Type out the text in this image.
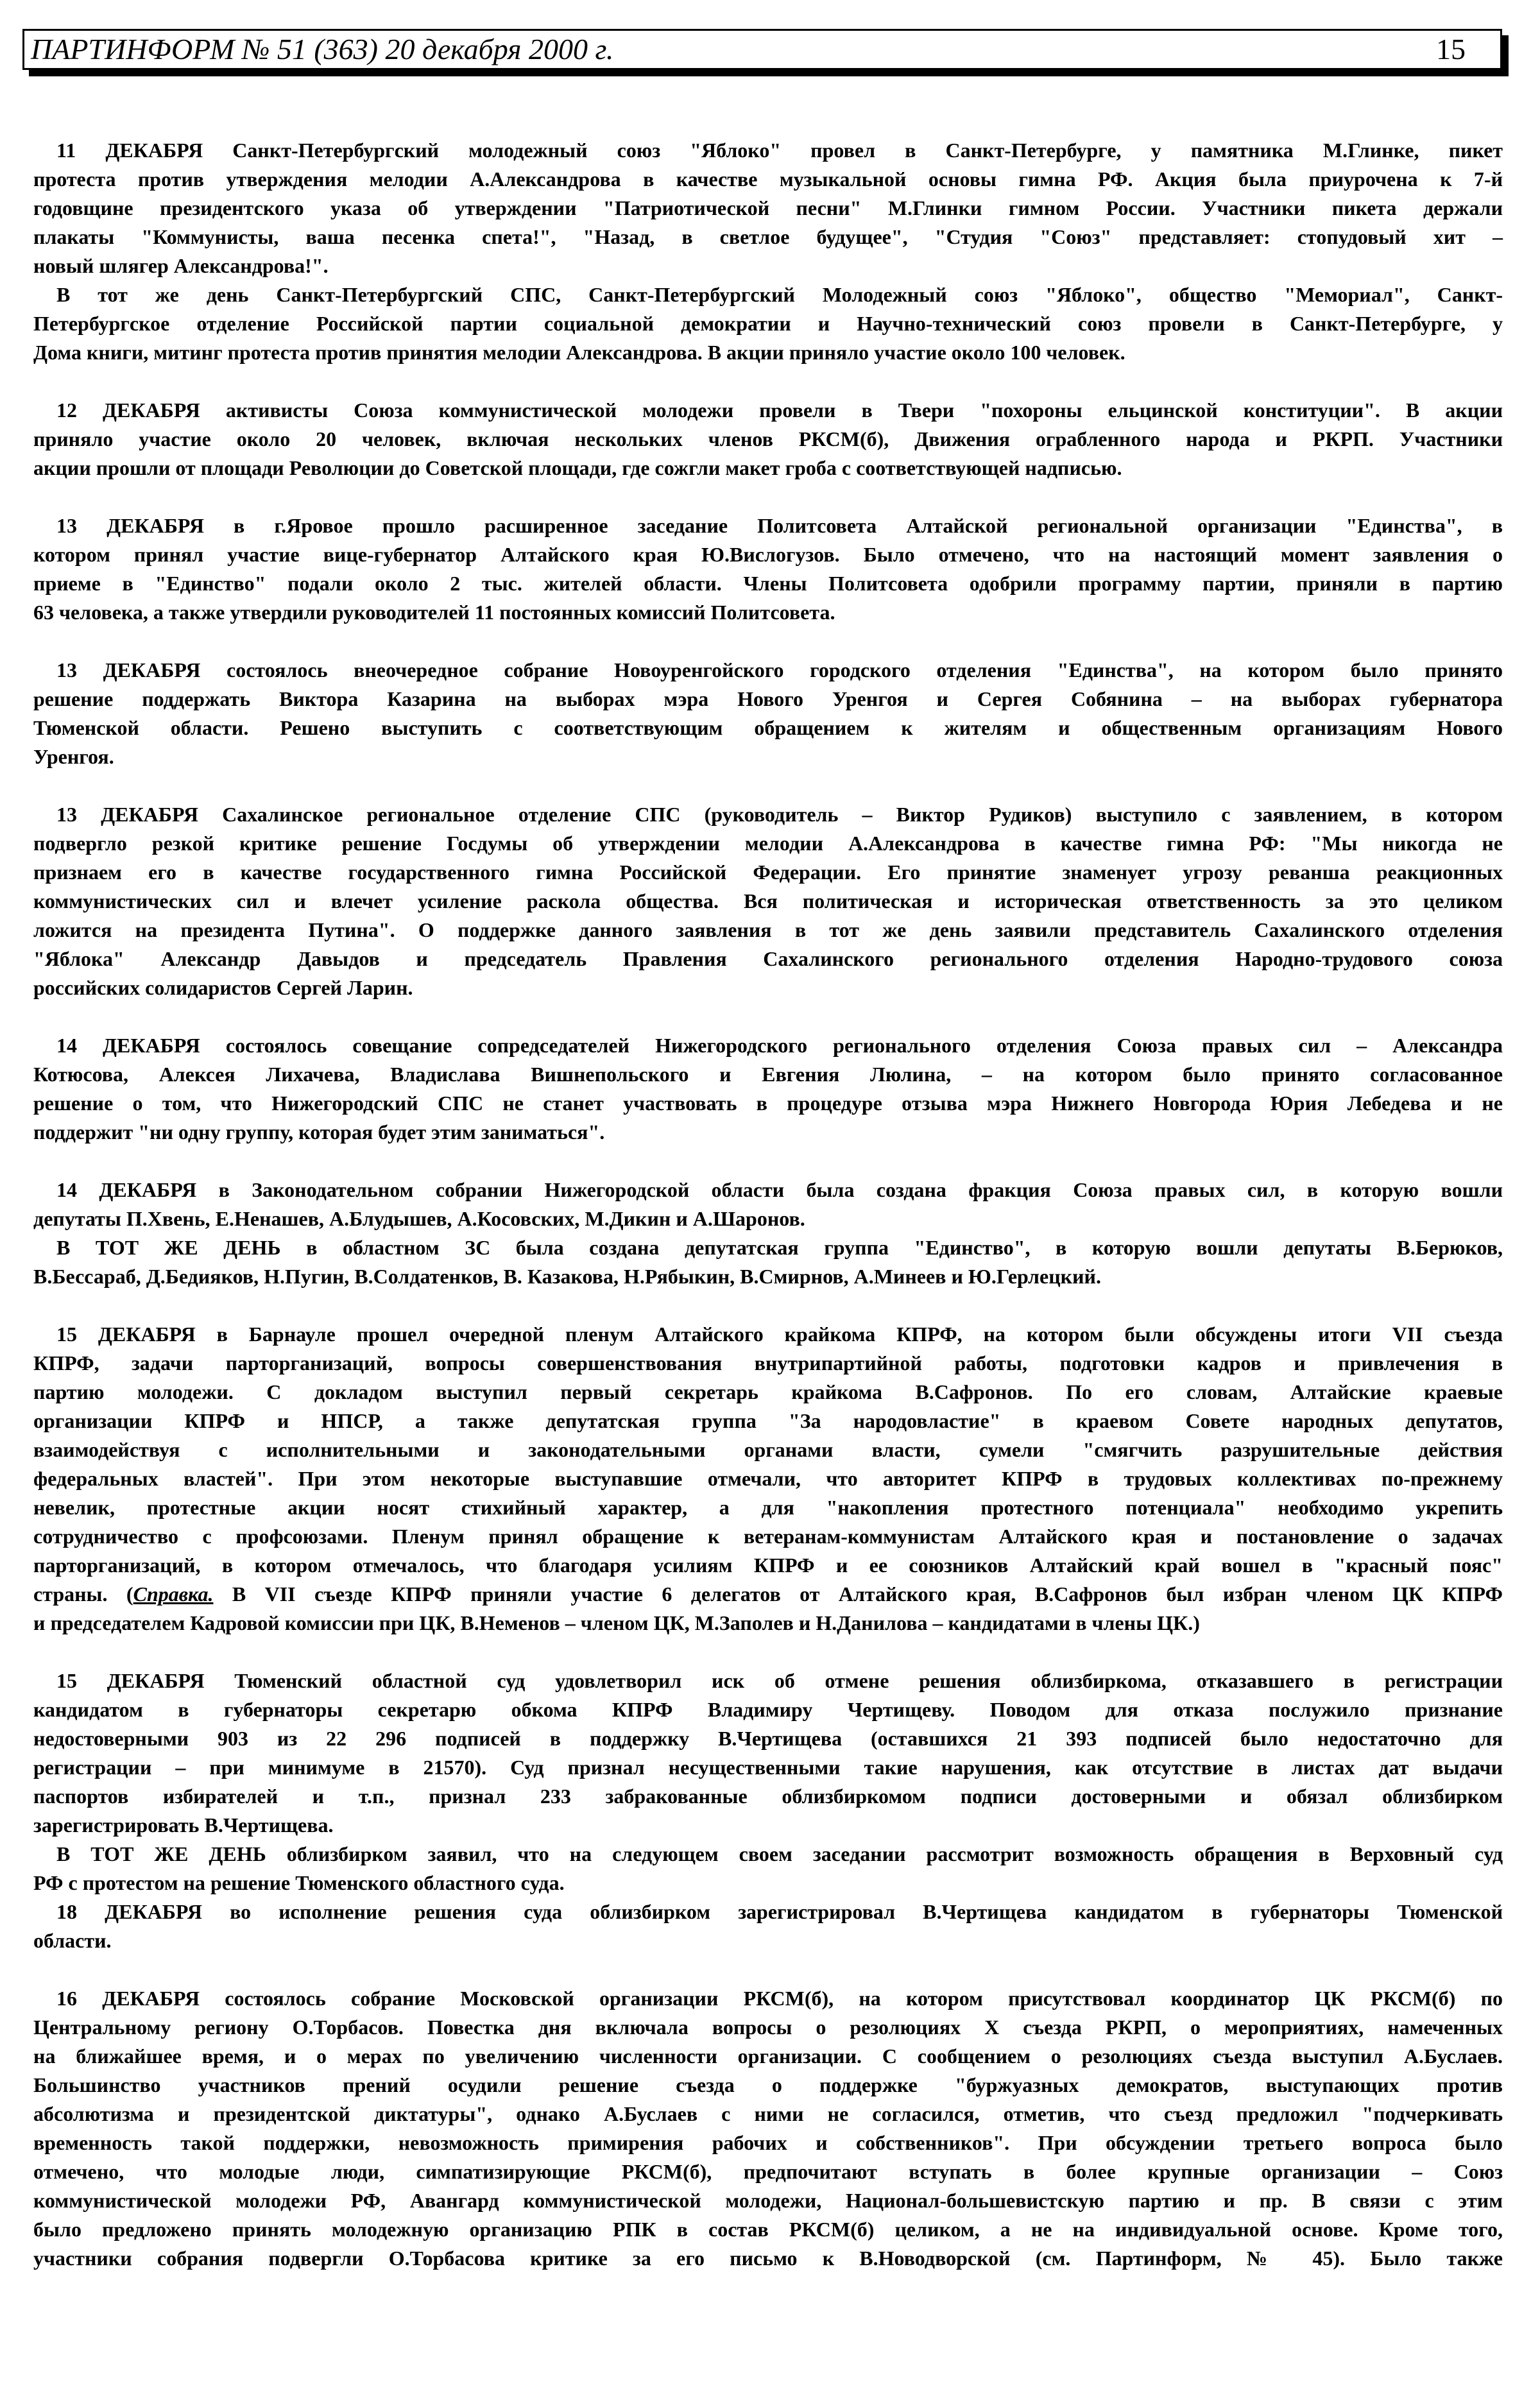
ПАРТИНФОРМ № 51 (363) 20 декабря 2000 г.	15
11 ДЕКАБРЯ Санкт-Петербургский молодежный союз "Яблоко" провел в Санкт-Петербурге, у памятника М.Глинке, пикет
протеста против утверждения мелодии А.Александрова в качестве музыкальной основы гимна РФ. Акция была приурочена к 7-й
годовщине президентского указа об утверждении "Патриотической песни" М.Глинки гимном России. Участники пикета держали
плакаты "Коммунисты, ваша песенка спета!", "Назад, в светлое будущее", "Студия "Союз" представляет: стопудовый хит –
новый шлягер Александрова!".
В тот же день Санкт-Петербургский СПС, Санкт-Петербургский Молодежный союз "Яблоко", общество "Мемориал", Санкт-
Петербургское отделение Российской партии социальной демократии и Научно-технический союз провели в Санкт-Петербурге, у
Дома книги, митинг протеста против принятия мелодии Александрова. В акции приняло участие около 100 человек.
12 ДЕКАБРЯ активисты Союза коммунистической молодежи провели в Твери "похороны ельцинской конституции". В акции
приняло участие около 20 человек, включая нескольких членов РКСМ(б), Движения ограбленного народа и РКРП. Участники
акции прошли от площади Революции до Советской площади, где сожгли макет гроба с соответствующей надписью.
13 ДЕКАБРЯ в г.Яровое прошло расширенное заседание Политсовета Алтайской региональной организации "Единства", в
котором принял участие вице-губернатор Алтайского края Ю.Вислогузов. Было отмечено, что на настоящий момент заявления о
приеме в "Единство" подали около 2 тыс. жителей области. Члены Политсовета одобрили программу партии, приняли в партию
63 человека, а также утвердили руководителей 11 постоянных комиссий Политсовета.
13 ДЕКАБРЯ состоялось внеочередное собрание Новоуренгойского городского отделения "Единства", на котором было принято
решение поддержать Виктора Казарина на выборах мэра Нового Уренгоя и Сергея Собянина – на выборах губернатора
Тюменской области. Решено выступить с соответствующим обращением к жителям и общественным организациям Нового
Уренгоя.
13 ДЕКАБРЯ Сахалинское региональное отделение СПС (руководитель – Виктор Рудиков) выступило с заявлением, в котором
подвергло резкой критике решение Госдумы об утверждении мелодии А.Александрова в качестве гимна РФ: "Мы никогда не
признаем его в качестве государственного гимна Российской Федерации. Его принятие знаменует угрозу реванша реакционных
коммунистических сил и влечет усиление раскола общества. Вся политическая и историческая ответственность за это целиком
ложится на президента Путина". О поддержке данного заявления в тот же день заявили представитель Сахалинского отделения
"Яблока" Александр Давыдов и председатель Правления Сахалинского регионального отделения Народно-трудового союза
российских солидаристов Сергей Ларин.
14 ДЕКАБРЯ состоялось совещание сопредседателей Нижегородского регионального отделения Союза правых сил – Александра
Котюсова, Алексея Лихачева, Владислава Вишнепольского и Евгения Люлина, – на котором было принято согласованное
решение о том, что Нижегородский СПС не станет участвовать в процедуре отзыва мэра Нижнего Новгорода Юрия Лебедева и не
поддержит "ни одну группу, которая будет этим заниматься".
14 ДЕКАБРЯ в Законодательном собрании Нижегородской области была создана фракция Союза правых сил, в которую вошли
депутаты П.Хвень, Е.Ненашев, А.Блудышев, А.Косовских, М.Дикин и А.Шаронов.
В ТОТ ЖЕ ДЕНЬ в областном ЗС была создана депутатская группа "Единство", в которую вошли депутаты В.Берюков,
В.Бессараб, Д.Бедияков, Н.Пугин, В.Солдатенков, В. Казакова, Н.Рябыкин, В.Смирнов, А.Минеев и Ю.Герлецкий.
15 ДЕКАБРЯ в Барнауле прошел очередной пленум Алтайского крайкома КПРФ, на котором были обсуждены итоги VII съезда
КПРФ, задачи парторганизаций, вопросы совершенствования внутрипартийной работы, подготовки кадров и привлечения в
партию молодежи. С докладом выступил первый секретарь крайкома В.Сафронов. По его словам, Алтайские краевые
организации КПРФ и НПСР, а также депутатская группа "За народовластие" в краевом Совете народных депутатов,
взаимодействуя с исполнительными и законодательными органами власти, сумели "смягчить разрушительные действия
федеральных властей". При этом некоторые выступавшие отмечали, что авторитет КПРФ в трудовых коллективах по-прежнему
невелик, протестные акции носят стихийный характер, а для "накопления протестного потенциала" необходимо укрепить
сотрудничество с профсоюзами. Пленум принял обращение к ветеранам-коммунистам Алтайского края и постановление о задачах
парторганизаций, в котором отмечалось, что благодаря усилиям КПРФ и ее союзников Алтайский край вошел в "красный пояс"
страны. (Справка. В VII съезде КПРФ приняли участие 6 делегатов от Алтайского края, В.Сафронов был избран членом ЦК КПРФ
и председателем Кадровой комиссии при ЦК, В.Неменов – членом ЦК, М.Заполев и Н.Данилова – кандидатами в члены ЦК.)
15 ДЕКАБРЯ Тюменский областной суд удовлетворил иск об отмене решения облизбиркома, отказавшего в регистрации
кандидатом в губернаторы секретарю обкома КПРФ Владимиру Чертищеву. Поводом для отказа послужило признание
недостоверными 903 из 22 296 подписей в поддержку В.Чертищева (оставшихся 21 393 подписей было недостаточно для
регистрации – при минимуме в 21570). Суд признал несущественными такие нарушения, как отсутствие в листах дат выдачи
паспортов избирателей и т.п., признал 233 забракованные облизбиркомом подписи достоверными и обязал облизбирком
зарегистрировать В.Чертищева.
В ТОТ ЖЕ ДЕНЬ облизбирком заявил, что на следующем своем заседании рассмотрит возможность обращения в Верховный суд
РФ с протестом на решение Тюменского областного суда.
18 ДЕКАБРЯ во исполнение решения суда облизбирком зарегистрировал В.Чертищева кандидатом в губернаторы Тюменской
области.
16 ДЕКАБРЯ состоялось собрание Московской организации РКСМ(б), на котором присутствовал координатор ЦК РКСМ(б) по
Центральному региону О.Торбасов. Повестка дня включала вопросы о резолюциях X съезда РКРП, о мероприятиях, намеченных
на ближайшее время, и о мерах по увеличению численности организации. С сообщением о резолюциях съезда выступил А.Буслаев.
Большинство участников прений осудили решение съезда о поддержке "буржуазных демократов, выступающих против
абсолютизма и президентской диктатуры", однако А.Буслаев с ними не согласился, отметив, что съезд предложил "подчеркивать
временность такой поддержки, невозможность примирения рабочих и собственников". При обсуждении третьего вопроса было
отмечено, что молодые люди, симпатизирующие РКСМ(б), предпочитают вступать в более крупные организации – Союз
коммунистической молодежи РФ, Авангард коммунистической молодежи, Национал-большевистскую партию и пр. В связи с этим
было предложено принять молодежную организацию РПК в состав РКСМ(б) целиком, а не на индивидуальной основе. Кроме того,
участники собрания подвергли О.Торбасова критике за его письмо к В.Новодворской (см. Партинформ, № 45). Было также
